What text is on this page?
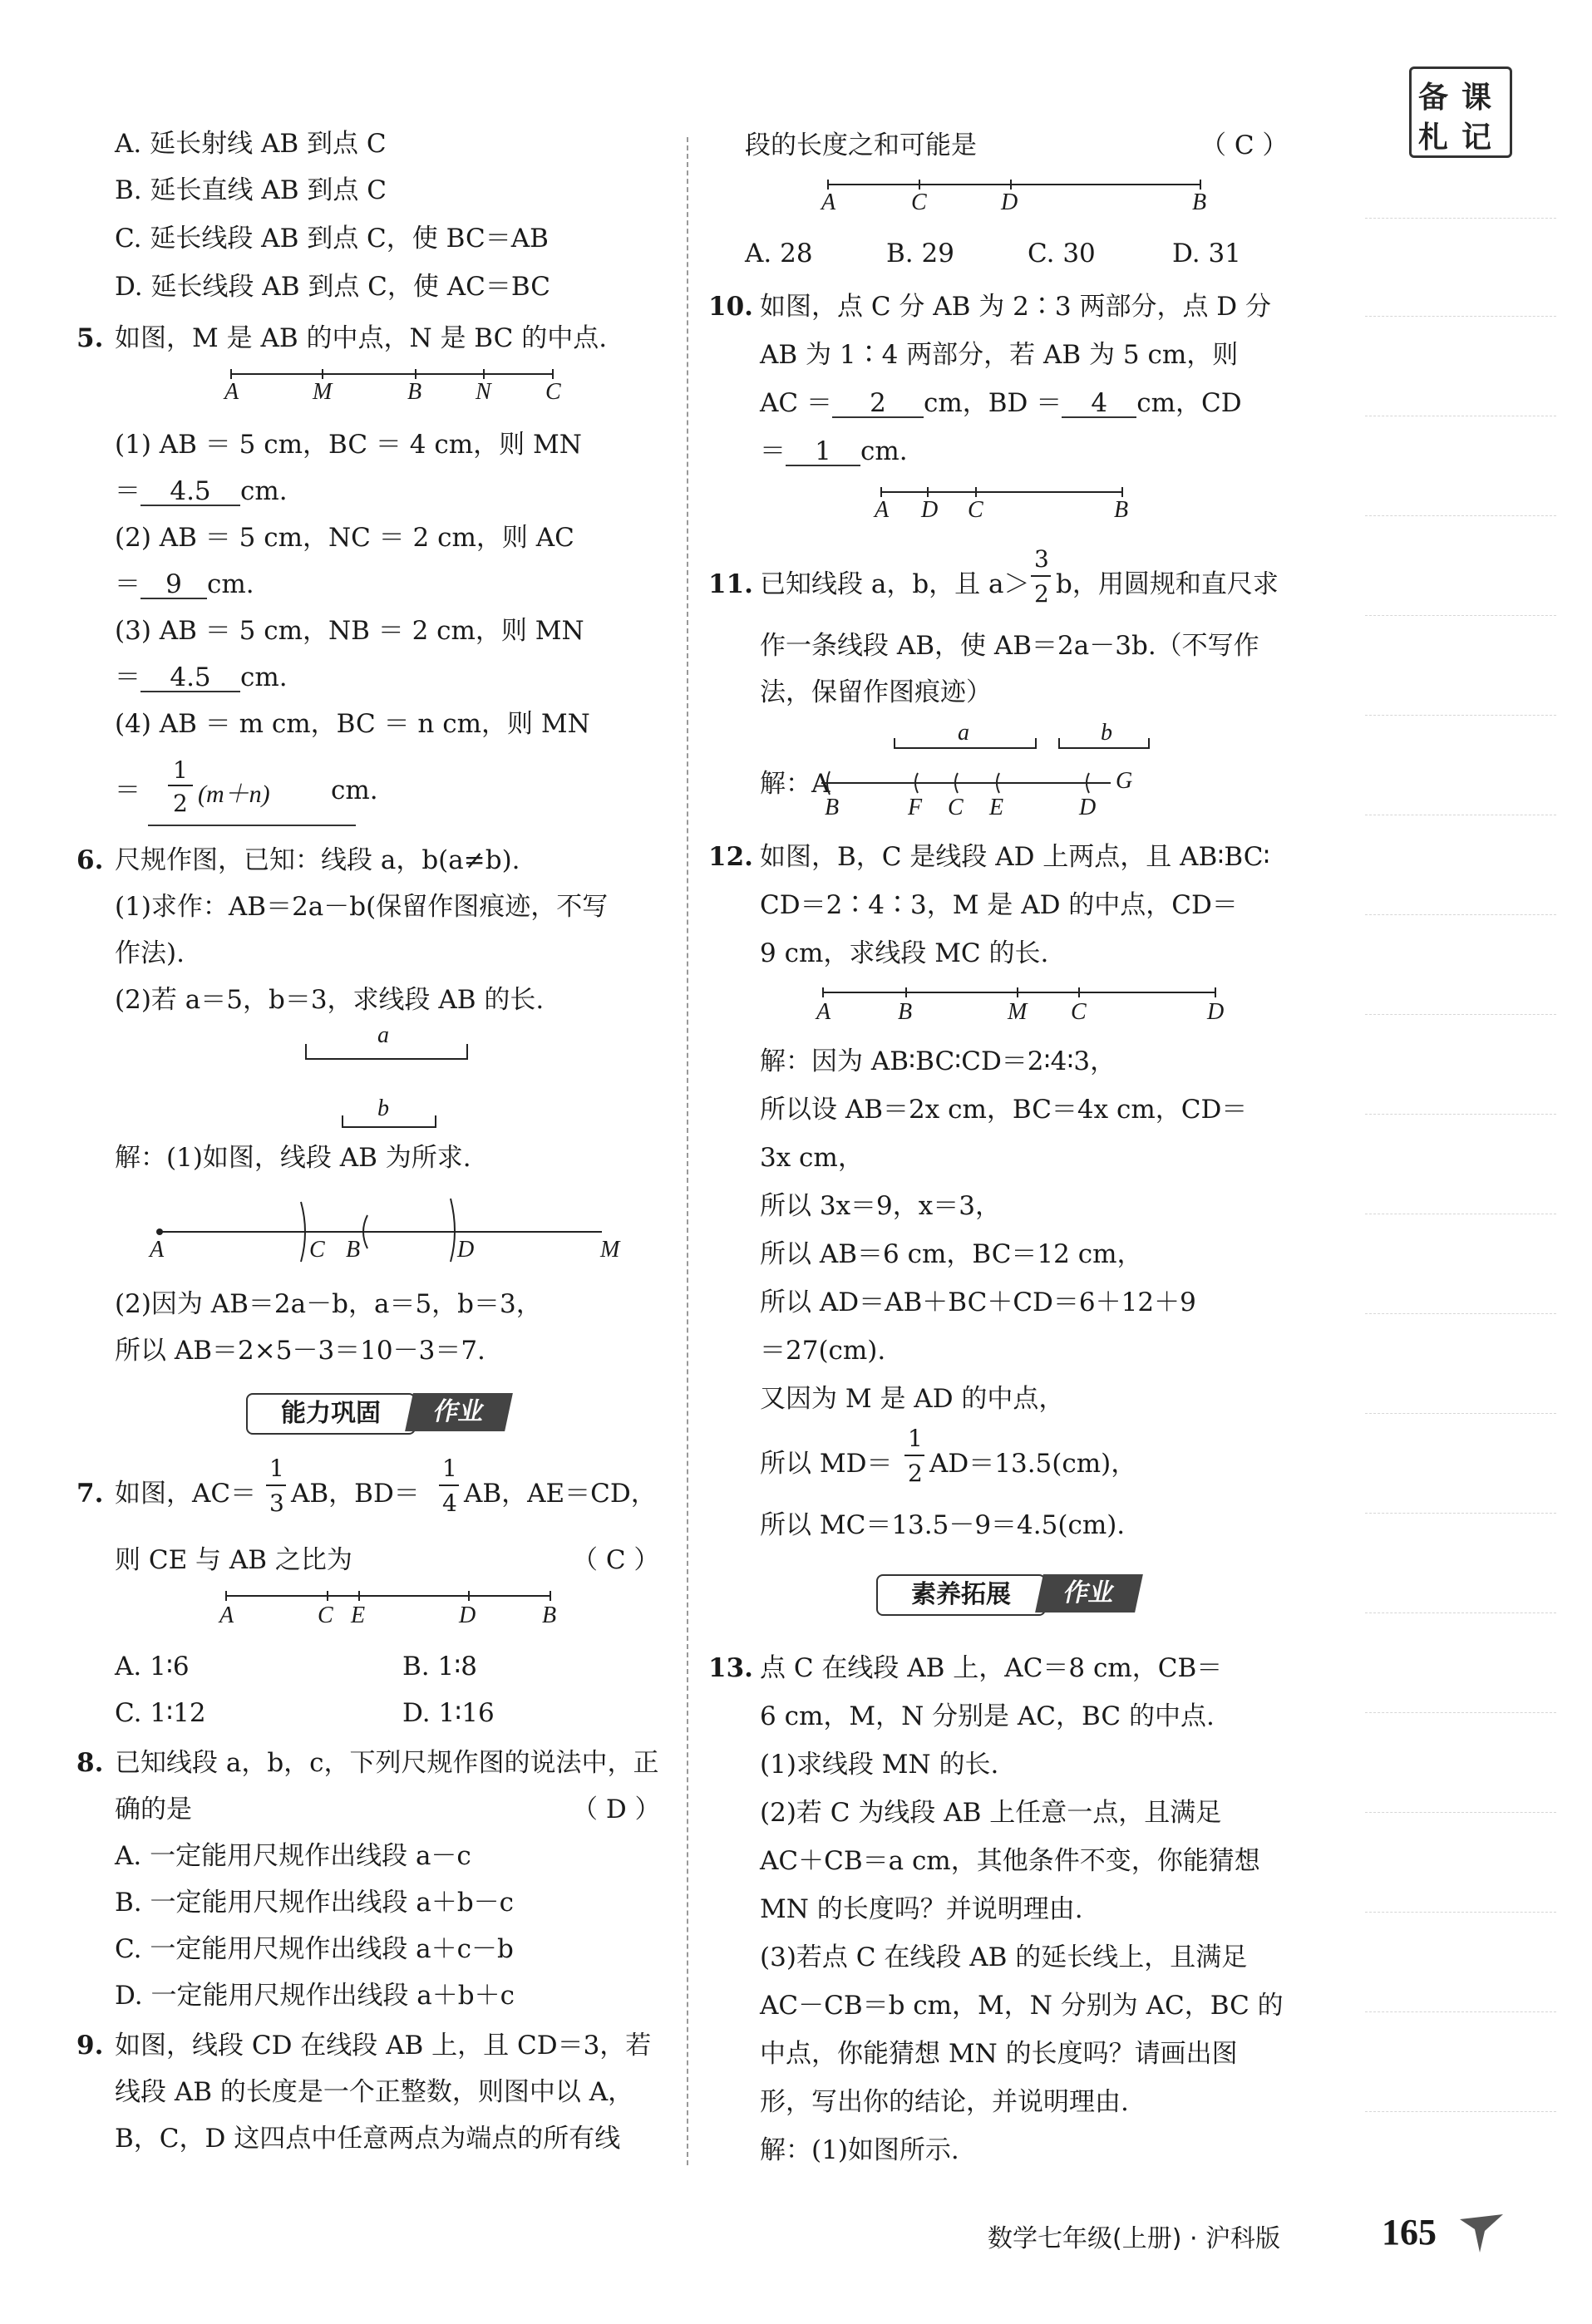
备 课
札 记
A. 延长射线 AB 到点 C
B. 延长直线 AB 到点 C
C. 延长线段 AB 到点 C，使 BC＝AB
D. 延长线段 AB 到点 C，使 AC＝BC
5. 如图，M 是 AB 的中点，N 是 BC 的中点.
A	M	B N C
(1) AB ＝ 5 cm，BC ＝ 4 cm，则 MN
＝ 4.5 cm.
(2) AB ＝ 5 cm，NC ＝ 2 cm，则 AC
＝ 9 cm.
(3) AB ＝ 5 cm，NB ＝ 2 cm，则 MN
＝ 4.5 cm.
(4) AB ＝ m cm，BC ＝ n cm，则 MN
＝
1
2 (m＋n) cm.
6. 尺规作图，已知：线段 a，b(a≠b).
(1)求作：AB＝2a－b(保留作图痕迹，不写
作法).
(2)若 a＝5，b＝3，求线段 AB 的长.
a
b
解：(1)如图，线段 AB 为所求.
A	C B	D	M
(2)因为 AB＝2a－b，a＝5，b＝3，
所以 AB＝2×5－3＝10－3＝7.
能力巩固	作业
7. 如图，AC＝
1
3 AB，BD＝
1
4 AB，AE＝CD，
则 CE 与 AB 之比为	（ C ）
A	C E	D	B
A. 1∶6	B. 1∶8
C. 1∶12	D. 1∶16
8. 已知线段 a，b，c，下列尺规作图的说法中，正
确的是	（ D ）
A. 一定能用尺规作出线段 a－c
B. 一定能用尺规作出线段 a＋b－c
C. 一定能用尺规作出线段 a＋c－b
D. 一定能用尺规作出线段 a＋b＋c
9. 如图，线段 CD 在线段 AB 上，且 CD＝3，若
线段 AB 的长度是一个正整数，则图中以 A，
B，C，D 这四点中任意两点为端点的所有线
段的长度之和可能是	（ C ）
A	C	D	B
A. 28	B. 29	C. 30	D. 31
10. 如图，点 C 分 AB 为 2∶3 两部分，点 D 分
AB 为 1∶4 两部分，若 AB 为 5 cm，则
AC ＝ 2 cm，BD ＝ 4 cm，CD
＝ 1 cm.
A D C	B
11. 已知线段 a，b，且 a＞
3
2 b，用圆规和直尺求
作一条线段 AB，使 AB＝2a－3b.（不写作
法，保留作图痕迹）
a	b
解：A
B	F C E	D
G
12. 如图，B，C 是线段 AD 上两点，且 AB∶BC∶
CD＝2∶4∶3，M 是 AD 的中点，CD＝
9 cm，求线段 MC 的长.
A	B	M C	D
解：因为 AB∶BC∶CD＝2∶4∶3，
所以设 AB＝2x cm，BC＝4x cm，CD＝
3x cm，
所以 3x＝9，x＝3，
所以 AB＝6 cm，BC＝12 cm，
所以 AD＝AB＋BC＋CD＝6＋12＋9
＝27(cm).
又因为 M 是 AD 的中点，
所以 MD＝
1
2 AD＝13.5(cm)，
所以 MC＝13.5－9＝4.5(cm).
素养拓展	作业
13. 点 C 在线段 AB 上，AC＝8 cm，CB＝
6 cm，M，N 分别是 AC，BC 的中点.
(1)求线段 MN 的长.
(2)若 C 为线段 AB 上任意一点，且满足
AC＋CB＝a cm，其他条件不变，你能猜想
MN 的长度吗？并说明理由.
(3)若点 C 在线段 AB 的延长线上，且满足
AC－CB＝b cm，M，N 分别为 AC，BC 的
中点，你能猜想 MN 的长度吗？请画出图
形，写出你的结论，并说明理由.
解：(1)如图所示.
数学七年级(上册) · 沪科版	165
